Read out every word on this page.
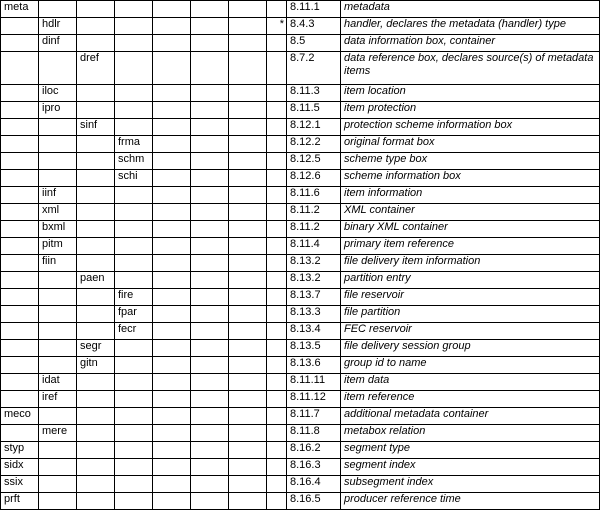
meta								8.11.1	metadata
	hdlr						*	8.4.3	handler, declares the metadata (handler) type
	dinf							8.5	data information box, container
		dref						8.7.2	data reference box, declares source(s) of metadata items
	iloc							8.11.3	item location
	ipro							8.11.5	item protection
		sinf						8.12.1	protection scheme information box
			frma					8.12.2	original format box
			schm					8.12.5	scheme type box
			schi					8.12.6	scheme information box
	iinf							8.11.6	item information
	xml							8.11.2	XML container
	bxml							8.11.2	binary XML container
	pitm							8.11.4	primary item reference
	fiin							8.13.2	file delivery item information
		paen						8.13.2	partition entry
			fire					8.13.7	file reservoir
			fpar					8.13.3	file partition
			fecr					8.13.4	FEC reservoir
		segr						8.13.5	file delivery session group
		gitn						8.13.6	group id to name
	idat							8.11.11	item data
	iref							8.11.12	item reference
meco								8.11.7	additional metadata container
	mere							8.11.8	metabox relation
styp								8.16.2	segment type
sidx								8.16.3	segment index
ssix								8.16.4	subsegment index
prft								8.16.5	producer reference time
